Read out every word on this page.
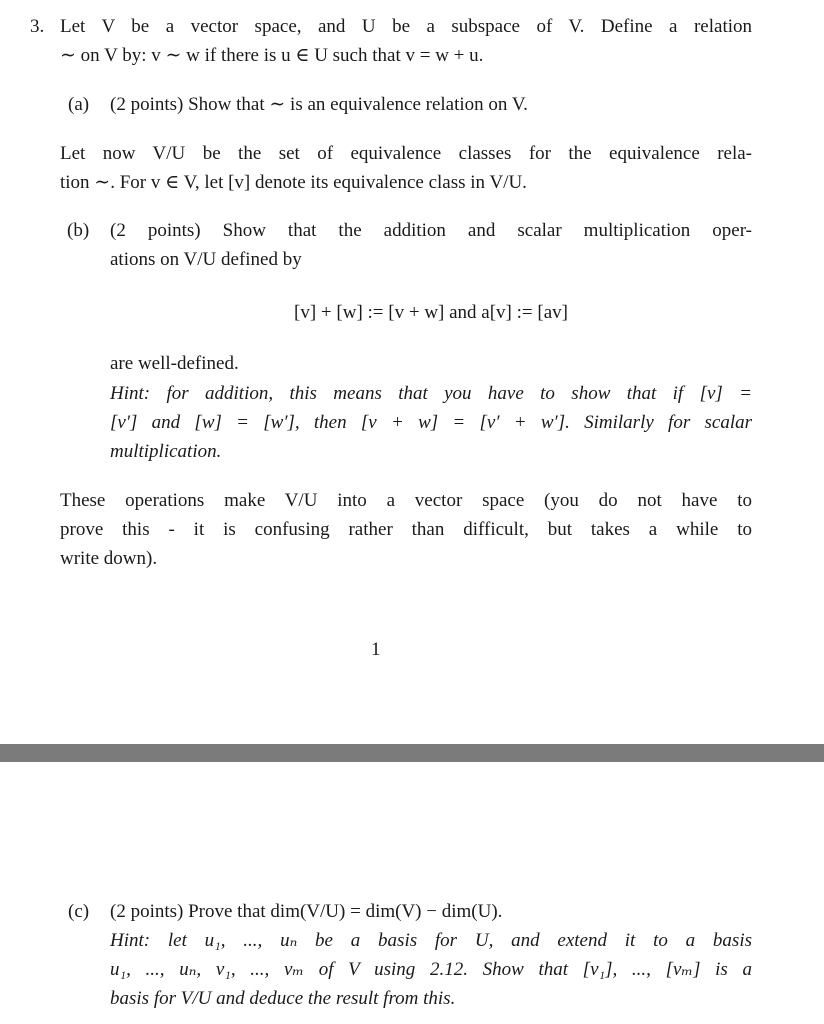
3. Let V be a vector space, and U be a subspace of V. Define a relation
∼ on V by: v ∼ w if there is u ∈ U such that v = w + u.
(a) (2 points) Show that ∼ is an equivalence relation on V.
Let now V/U be the set of equivalence classes for the equivalence rela-
tion ∼. For v ∈ V, let [v] denote its equivalence class in V/U.
(b) (2 points) Show that the addition and scalar multiplication oper-
ations on V/U defined by
[v] + [w] := [v + w] and a[v] := [av]
are well-defined.
Hint: for addition, this means that you have to show that if [v] =
[v′] and [w] = [w′], then [v + w] = [v′ + w′]. Similarly for scalar
multiplication.
These operations make V/U into a vector space (you do not have to
prove this - it is confusing rather than difficult, but takes a while to
write down).
1
(c) (2 points) Prove that dim(V/U) = dim(V) − dim(U).
Hint: let u₁, ..., uₙ be a basis for U, and extend it to a basis
u₁, ..., uₙ, v₁, ..., vₘ of V using 2.12. Show that [v₁], ..., [vₘ] is a
basis for V/U and deduce the result from this.
